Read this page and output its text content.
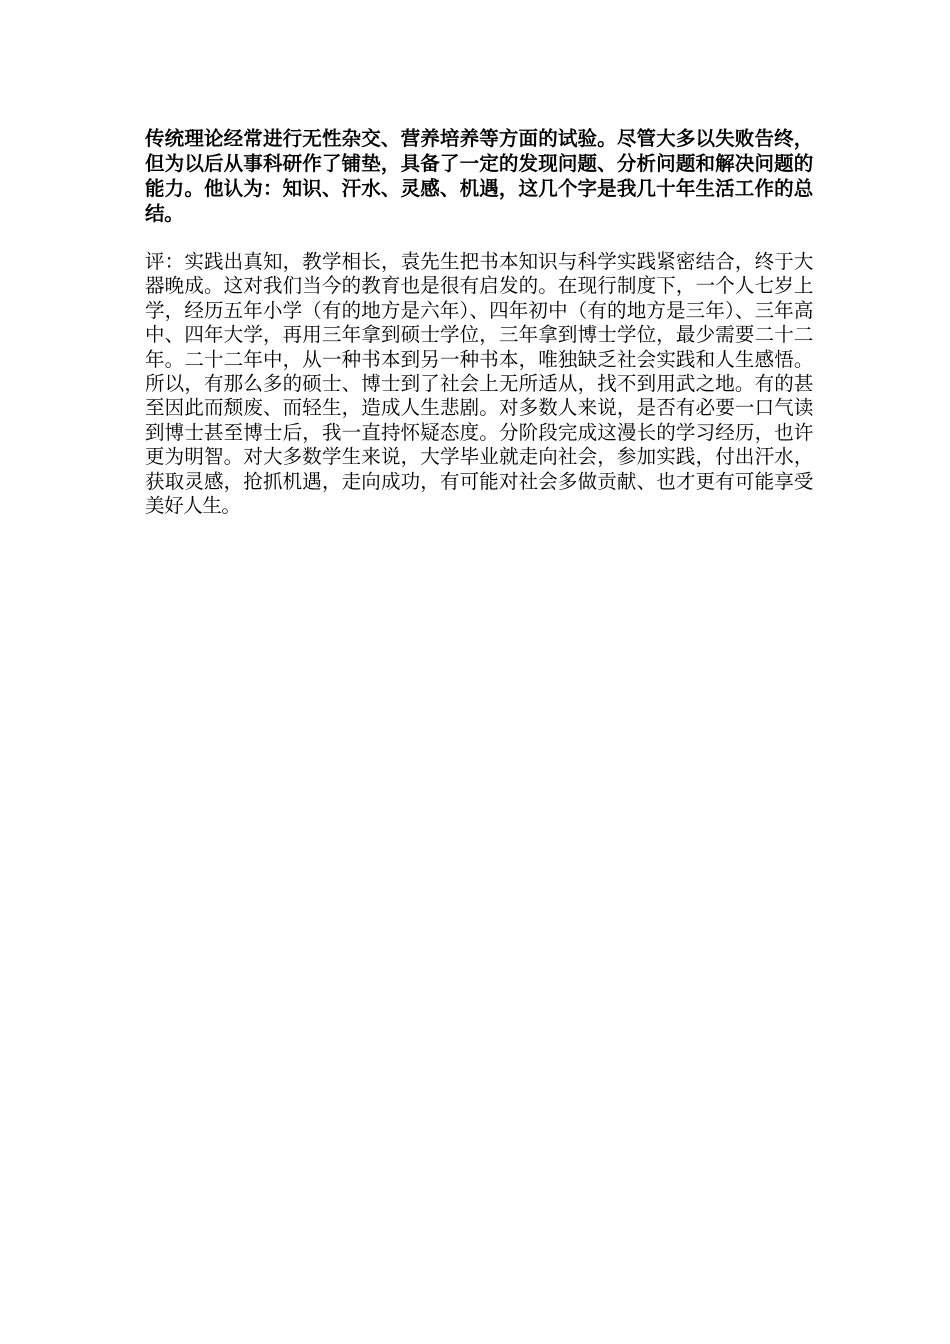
传统理论经常进行无性杂交、营养培养等方面的试验。尽管大多以失败告终，但为以后从事科研作了铺垫，具备了一定的发现问题、分析问题和解决问题的能力。他认为：知识、汗水、灵感、机遇，这几个字是我几十年生活工作的总结。

评：实践出真知，教学相长，袁先生把书本知识与科学实践紧密结合，终于大器晚成。这对我们当今的教育也是很有启发的。在现行制度下，一个人七岁上学，经历五年小学（有的地方是六年）、四年初中（有的地方是三年）、三年高中、四年大学，再用三年拿到硕士学位，三年拿到博士学位，最少需要二十二年。二十二年中，从一种书本到另一种书本，唯独缺乏社会实践和人生感悟。所以，有那么多的硕士、博士到了社会上无所适从，找不到用武之地。有的甚至因此而颓废、而轻生，造成人生悲剧。对多数人来说，是否有必要一口气读到博士甚至博士后，我一直持怀疑态度。分阶段完成这漫长的学习经历，也许更为明智。对大多数学生来说，大学毕业就走向社会，参加实践，付出汗水，获取灵感，抢抓机遇，走向成功，有可能对社会多做贡献、也才更有可能享受美好人生。
